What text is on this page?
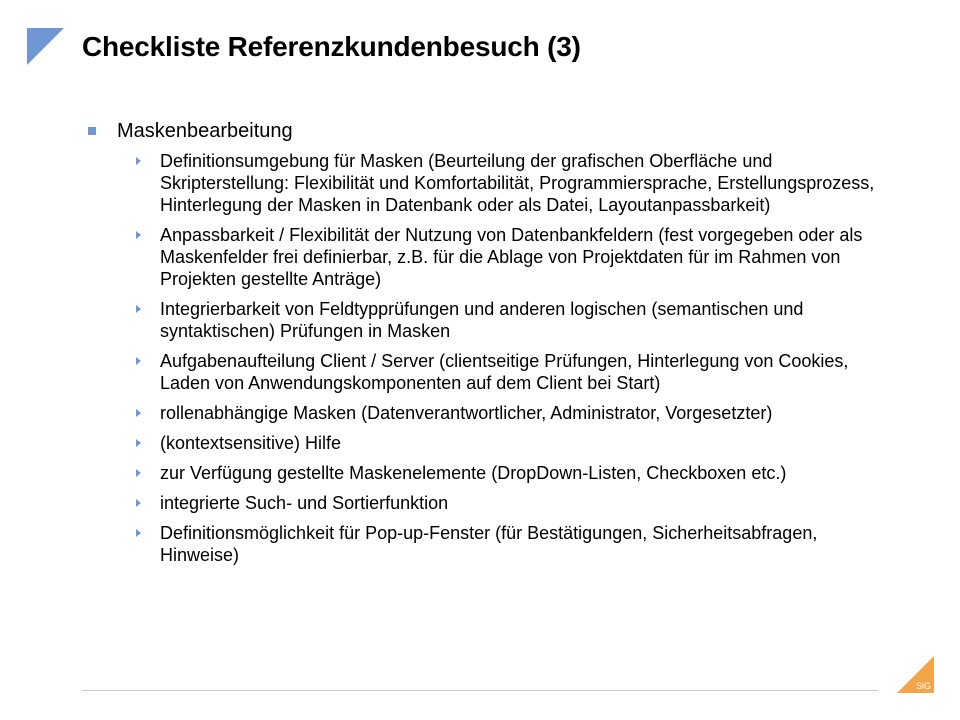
Checkliste Referenzkundenbesuch (3)
Maskenbearbeitung
Definitionsumgebung für Masken (Beurteilung der grafischen Oberfläche und Skripterstellung: Flexibilität und Komfortabilität, Programmiersprache, Erstellungsprozess, Hinterlegung der Masken in Datenbank oder als Datei, Layoutanpassbarkeit)
Anpassbarkeit / Flexibilität der Nutzung von Datenbankfeldern (fest vorgegeben oder als Maskenfelder frei definierbar, z.B. für die Ablage von Projektdaten für im Rahmen von Projekten gestellte Anträge)
Integrierbarkeit von Feldtypprüfungen und anderen logischen (semantischen und syntaktischen) Prüfungen in Masken
Aufgabenaufteilung Client / Server (clientseitige Prüfungen, Hinterlegung von Cookies, Laden von Anwendungskomponenten auf dem Client bei Start)
rollenabhängige Masken (Datenverantwortlicher, Administrator, Vorgesetzter)
(kontextsensitive) Hilfe
zur Verfügung gestellte Maskenelemente (DropDown-Listen, Checkboxen etc.)
integrierte Such- und Sortierfunktion
Definitionsmöglichkeit für Pop-up-Fenster (für Bestätigungen, Sicherheitsabfragen, Hinweise)
SiG
